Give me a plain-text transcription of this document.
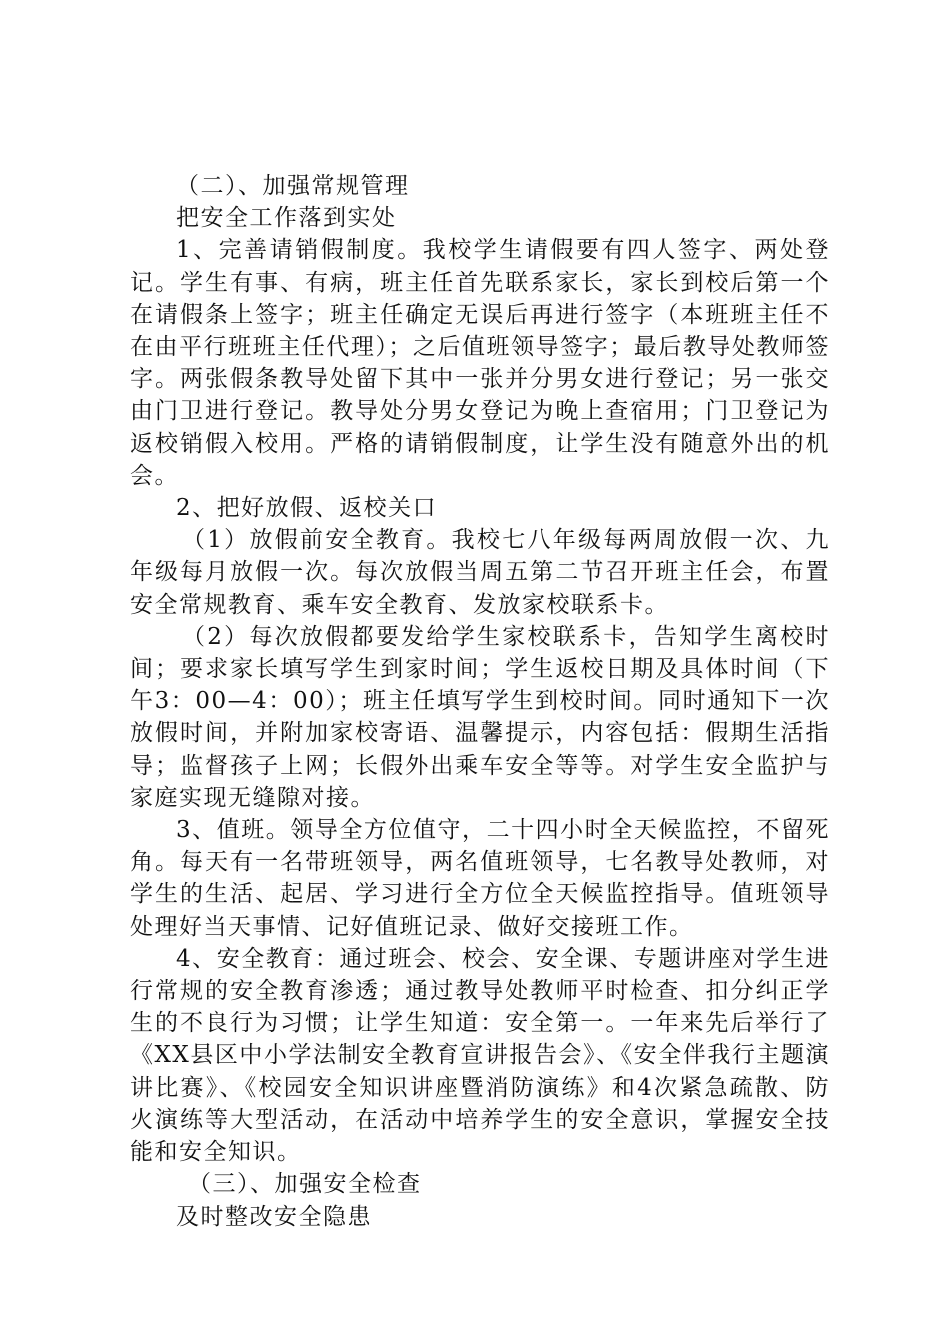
（二）、加强常规管理

把安全工作落到实处

1、完善请销假制度。我校学生请假要有四人签字、两处登记。学生有事、有病，班主任首先联系家长，家长到校后第一个在请假条上签字；班主任确定无误后再进行签字（本班班主任不在由平行班班主任代理）；之后值班领导签字；最后教导处教师签字。两张假条教导处留下其中一张并分男女进行登记；另一张交由门卫进行登记。教导处分男女登记为晚上查宿用；门卫登记为返校销假入校用。严格的请销假制度，让学生没有随意外出的机会。

2、把好放假、返校关口

（1）放假前安全教育。我校七八年级每两周放假一次、九年级每月放假一次。每次放假当周五第二节召开班主任会，布置安全常规教育、乘车安全教育、发放家校联系卡。

（2）每次放假都要发给学生家校联系卡，告知学生离校时间；要求家长填写学生到家时间；学生返校日期及具体时间（下午3：00—4：00）；班主任填写学生到校时间。同时通知下一次放假时间，并附加家校寄语、温馨提示，内容包括：假期生活指导；监督孩子上网；长假外出乘车安全等等。对学生安全监护与家庭实现无缝隙对接。

3、值班。领导全方位值守，二十四小时全天候监控，不留死角。每天有一名带班领导，两名值班领导，七名教导处教师，对学生的生活、起居、学习进行全方位全天候监控指导。值班领导处理好当天事情、记好值班记录、做好交接班工作。

4、安全教育：通过班会、校会、安全课、专题讲座对学生进行常规的安全教育渗透；通过教导处教师平时检查、扣分纠正学生的不良行为习惯；让学生知道：安全第一。一年来先后举行了《XX县区中小学法制安全教育宣讲报告会》、《安全伴我行主题演讲比赛》、《校园安全知识讲座暨消防演练》和4次紧急疏散、防火演练等大型活动，在活动中培养学生的安全意识，掌握安全技能和安全知识。

（三）、加强安全检查

及时整改安全隐患
